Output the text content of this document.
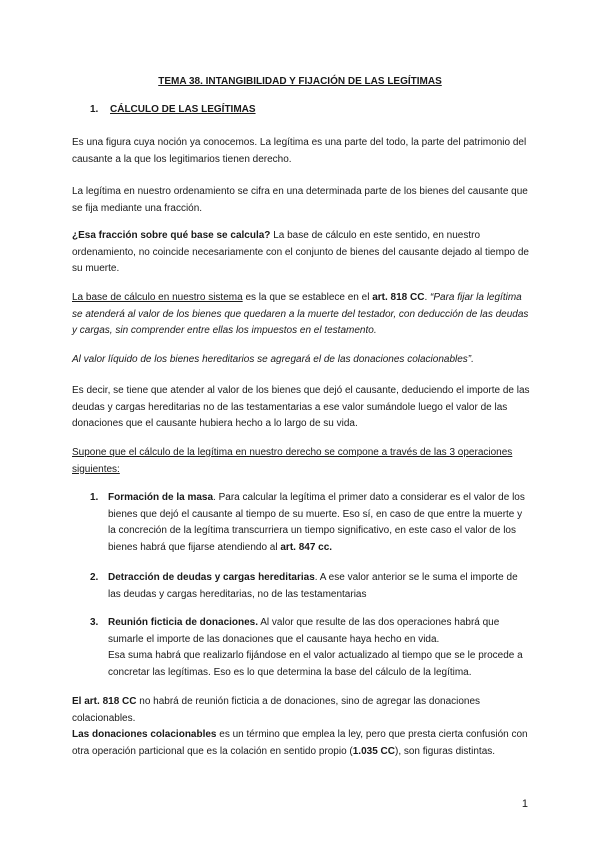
TEMA 38. INTANGIBILIDAD Y FIJACIÓN DE LAS LEGÍTIMAS
1. CÁLCULO DE LAS LEGÍTIMAS
Es una figura cuya noción ya conocemos. La legítima es una parte del todo, la parte del patrimonio del causante a la que los legitimarios tienen derecho.
La legítima en nuestro ordenamiento se cifra en una determinada parte de los bienes del causante que se fija mediante una fracción.
¿Esa fracción sobre qué base se calcula? La base de cálculo en este sentido, en nuestro ordenamiento, no coincide necesariamente con el conjunto de bienes del causante dejado al tiempo de su muerte.
La base de cálculo en nuestro sistema es la que se establece en el art. 818 CC. “Para fijar la legítima se atenderá al valor de los bienes que quedaren a la muerte del testador, con deducción de las deudas y cargas, sin comprender entre ellas los impuestos en el testamento.
Al valor líquido de los bienes hereditarios se agregará el de las donaciones colacionables”.
Es decir, se tiene que atender al valor de los bienes que dejó el causante, deduciendo el importe de las deudas y cargas hereditarias no de las testamentarias a ese valor sumándole luego el valor de las donaciones que el causante hubiera hecho a lo largo de su vida.
Supone que el cálculo de la legítima en nuestro derecho se compone a través de las 3 operaciones siguientes:
1. Formación de la masa. Para calcular la legítima el primer dato a considerar es el valor de los bienes que dejó el causante al tiempo de su muerte. Eso sí, en caso de que entre la muerte y la concreción de la legítima transcurriera un tiempo significativo, en este caso el valor de los bienes habrá que fijarse atendiendo al art. 847 cc.
2. Detracción de deudas y cargas hereditarias. A ese valor anterior se le suma el importe de las deudas y cargas hereditarias, no de las testamentarias
3. Reunión ficticia de donaciones. Al valor que resulte de las dos operaciones habrá que sumarle el importe de las donaciones que el causante haya hecho en vida.
Esa suma habrá que realizarlo fijándose en el valor actualizado al tiempo que se le procede a concretar las legítimas. Eso es lo que determina la base del cálculo de la legítima.
El art. 818 CC no habrá de reunión ficticia a de donaciones, sino de agregar las donaciones colacionables.
Las donaciones colacionables es un término que emplea la ley, pero que presta cierta confusión con otra operación particional que es la colación en sentido propio (1.035 CC), son figuras distintas.
1
